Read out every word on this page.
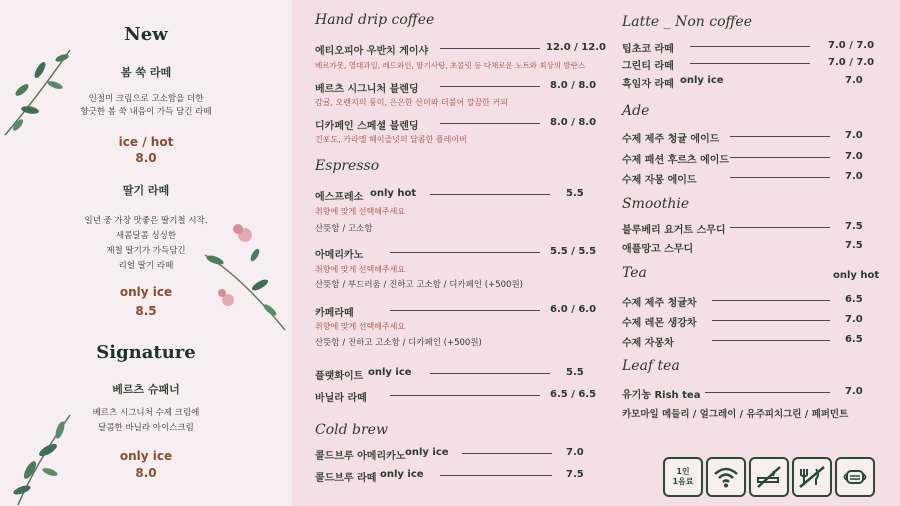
New
봄 쑥 라떼
인절미 크림으로 고소함을 더한
향긋한 봄 쑥 내음이 가득 담긴 라떼
ice / hot
8.0
딸기 라떼
일년 중 가장 맛좋은 딸기철 시작.
새콤달콤 싱싱한
제철 딸기가 가득담긴
리얼 딸기 라떼
only ice
8.5
Signature
베르츠 슈패너
베르츠 시그니처 수제 크림에
달콤한 바닐라 아이스크림
only ice
8.0
Hand drip coffee
에티오피아 우반치 게이샤	12.0 / 12.0
베르가못, 열대과일, 레드와인, 딸기사탕, 초콜릿 등 다채로운 노트와 최상의 발란스
베르츠 시그니처 블렌딩	8.0 / 8.0
감귤, 오렌지의 풍미, 은은한 산미와 더불어 깔끔한 커피
디카페인 스페셜 블렌딩	8.0 / 8.0
건포도, 카라멜 헤이즐넛의 달콤한 플레이버
Espresso
에스프레소 only hot	5.5
취향에 맞게 선택해주세요
산뜻함 / 고소함
아메리카노	5.5 / 5.5
취향에 맞게 선택해주세요
산뜻함 / 부드러움 / 진하고 고소함 / 디카페인 (+500원)
카페라떼	6.0 / 6.0
취향에 맞게 선택해주세요
산뜻함 / 진하고 고소함 / 디카페인 (+500원)
플랫화이트 only ice	5.5
바닐라 라떼	6.5 / 6.5
Cold brew
콜드브루 아메리카노 only ice	7.0
콜드브루 라떼 only ice	7.5
Latte _ Non coffee
팁초코 라떼	7.0 / 7.0
그린티 라떼	7.0 / 7.0
흑임자 라떼 only ice	7.0
Ade
수제 제주 청귤 에이드	7.0
수제 패션 후르츠 에이드	7.0
수제 자몽 에이드	7.0
Smoothie
블루베리 요거트 스무디	7.5
애플망고 스무디	7.5
Tea	only hot
수제 제주 청귤차	6.5
수제 레몬 생강차	7.0
수제 자몽차	6.5
Leaf tea
유기농 Rish tea	7.0
카모마일 메들리 / 얼그레이 / 유주피치그린 / 페퍼민트
1인
1음료
